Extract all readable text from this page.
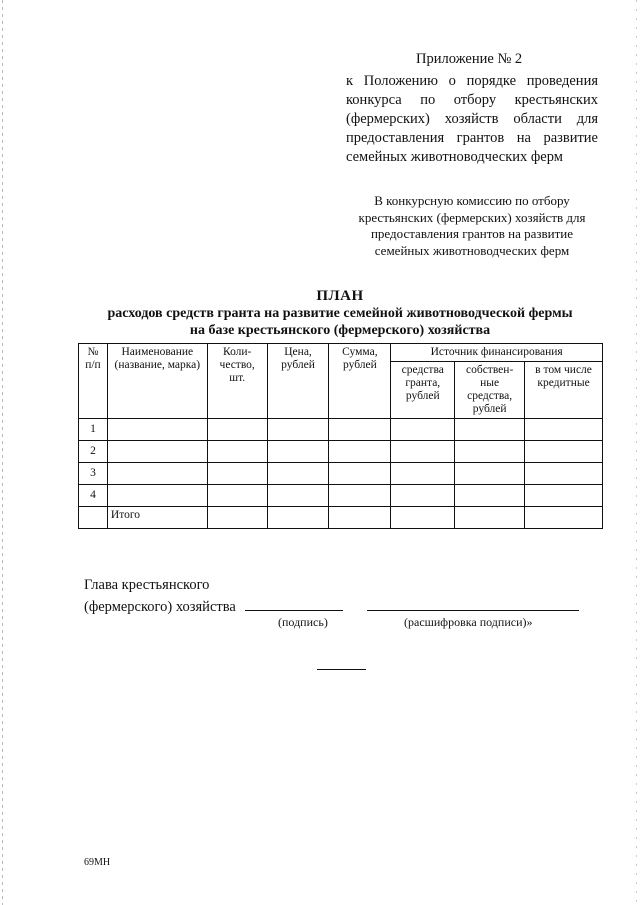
Приложение № 2
к Положению о порядке проведения конкурса по отбору крестьянских (фермерских) хозяйств области для предоставления грантов на развитие семейных животноводческих ферм
В конкурсную комиссию по отбору крестьянских (фермерских) хозяйств для предоставления грантов на развитие семейных животноводческих ферм
ПЛАН
расходов средств гранта на развитие семейной животноводческой фермы
на базе крестьянского (фермерского) хозяйства
№ п/п	Наименование (название, марка)	Коли-чество, шт.	Цена, рублей	Сумма, рублей	Источник финансирования		
					средства гранта, рублей	собствен-ные средства, рублей	в том числе кредитные
1							
2							
3							
4							
	Итого						
Глава крестьянского
(фермерского) хозяйства
(подпись)	(расшифровка подписи)»
69МН
